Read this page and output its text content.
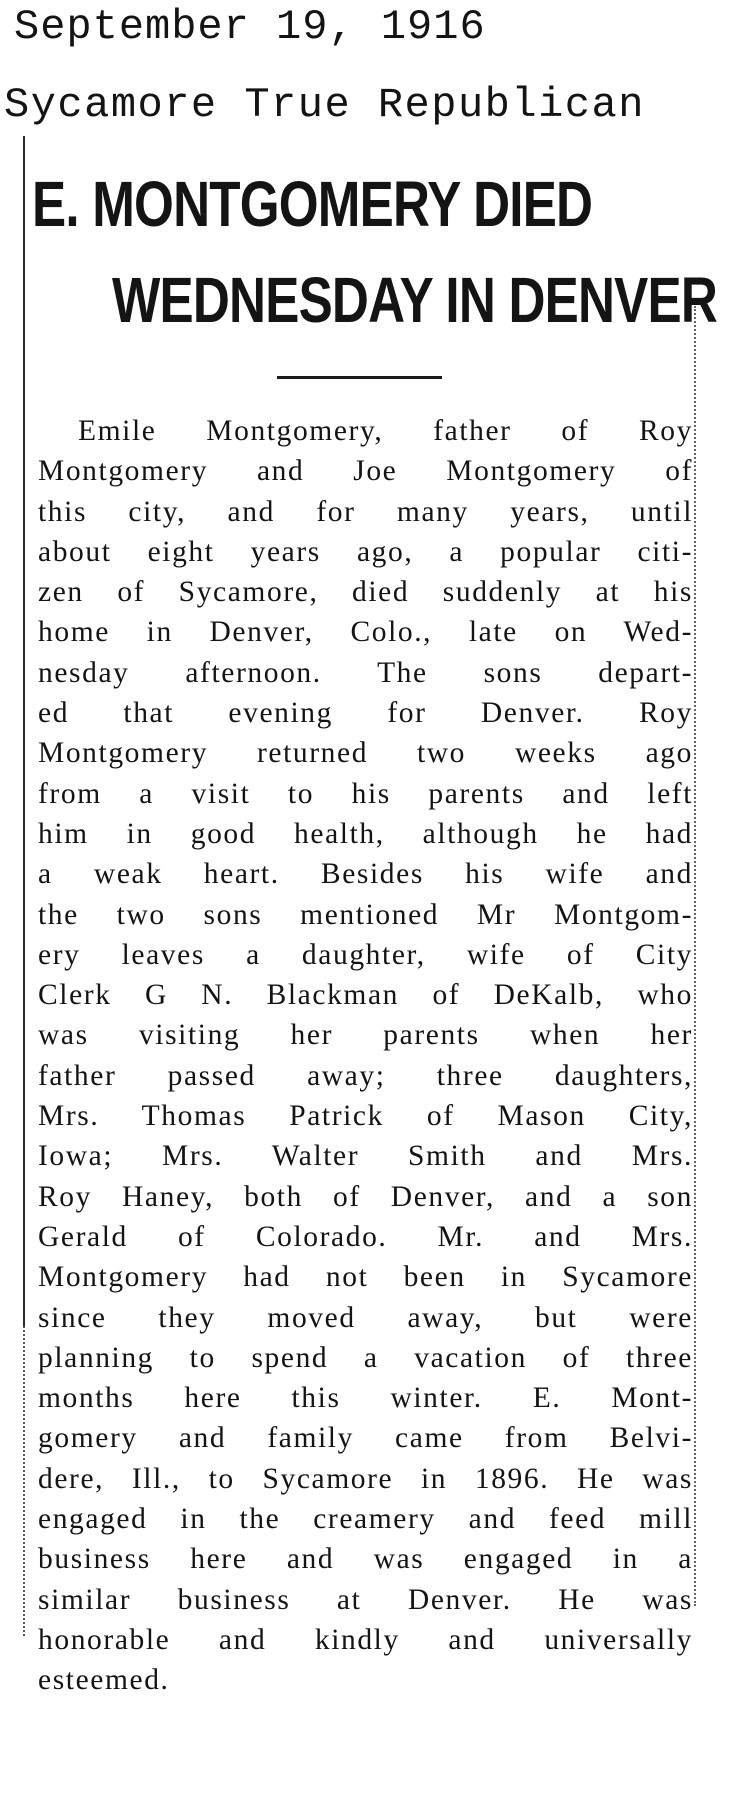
September 19, 1916
Sycamore True Republican
E. MONTGOMERY DIED
WEDNESDAY IN DENVER
Emile Montgomery, father of Roy
Montgomery and Joe Montgomery of
this city, and for many years, until
about eight years ago, a popular citi-
zen of Sycamore, died suddenly at his
home in Denver, Colo., late on Wed-
nesday afternoon. The sons depart-
ed that evening for Denver. Roy
Montgomery returned two weeks ago
from a visit to his parents and left
him in good health, although he had
a weak heart. Besides his wife and
the two sons mentioned Mr Montgom-
ery leaves a daughter, wife of City
Clerk G N. Blackman of DeKalb, who
was visiting her parents when her
father passed away; three daughters,
Mrs. Thomas Patrick of Mason City,
Iowa; Mrs. Walter Smith and Mrs.
Roy Haney, both of Denver, and a son
Gerald of Colorado. Mr. and Mrs.
Montgomery had not been in Sycamore
since they moved away, but were
planning to spend a vacation of three
months here this winter. E. Mont-
gomery and family came from Belvi-
dere, Ill., to Sycamore in 1896. He was
engaged in the creamery and feed mill
business here and was engaged in a
similar business at Denver. He was
honorable and kindly and universally
esteemed.
